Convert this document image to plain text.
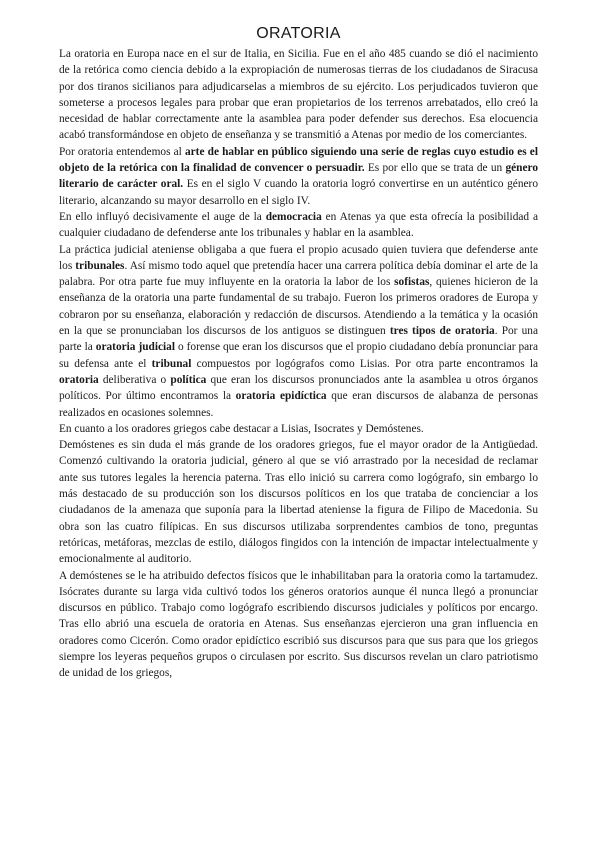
ORATORIA

La oratoria en Europa nace en el sur de Italia, en Sicilia. Fue en el año 485 cuando se dió el nacimiento de la retórica como ciencia debido a la expropiación de numerosas tierras de los ciudadanos de Siracusa por dos tiranos sicilianos para adjudicarselas a miembros de su ejército. Los perjudicados tuvieron que someterse a procesos legales para probar que eran propietarios de los terrenos arrebatados, ello creó la necesidad de hablar correctamente ante la asamblea para poder defender sus derechos. Esa elocuencia acabó transformándose en objeto de enseñanza y se transmitió a Atenas por medio de los comerciantes.

Por oratoria entendemos al arte de hablar en público siguiendo una serie de reglas cuyo estudio es el objeto de la retórica con la finalidad de convencer o persuadir. Es por ello que se trata de un género literario de carácter oral. Es en el siglo V cuando la oratoria logró convertirse en un auténtico género literario, alcanzando su mayor desarrollo en el siglo IV.

En ello influyó decisivamente el auge de la democracia en Atenas ya que esta ofrecía la posibilidad a cualquier ciudadano de defenderse ante los tribunales y hablar en la asamblea.

La práctica judicial ateniense obligaba a que fuera el propio acusado quien tuviera que defenderse ante los tribunales. Así mismo todo aquel que pretendía hacer una carrera política debía dominar el arte de la palabra. Por otra parte fue muy influyente en la oratoria la labor de los sofistas, quienes hicieron de la enseñanza de la oratoria una parte fundamental de su trabajo. Fueron los primeros oradores de Europa y cobraron por su enseñanza, elaboración y redacción de discursos. Atendiendo a la temática y la ocasión en la que se pronunciaban los discursos de los antiguos se distinguen tres tipos de oratoria. Por una parte la oratoria judicial o forense que eran los discursos que el propio ciudadano debía pronunciar para su defensa ante el tribunal compuestos por logógrafos como Lisias. Por otra parte encontramos la oratoria deliberativa o política que eran los discursos pronunciados ante la asamblea u otros órganos políticos. Por último encontramos la oratoria epidíctica que eran discursos de alabanza de personas realizados en ocasiones solemnes.

En cuanto a los oradores griegos cabe destacar a Lisias, Isocrates y Demóstenes.

Demóstenes es sin duda el más grande de los oradores griegos, fue el mayor orador de la Antigüedad. Comenzó cultivando la oratoria judicial, género al que se vió arrastrado por la necesidad de reclamar ante sus tutores legales la herencia paterna. Tras ello inició su carrera como logógrafo, sin embargo lo más destacado de su producción son los discursos políticos en los que trataba de concienciar a los ciudadanos de la amenaza que suponía para la libertad ateniense la figura de Filipo de Macedonia. Su obra son las cuatro filípicas. En sus discursos utilizaba sorprendentes cambios de tono, preguntas retóricas, metáforas, mezclas de estilo, diálogos fingidos con la intención de impactar intelectualmente y emocionalmente al auditorio.

A demóstenes se le ha atribuido defectos físicos que le inhabilitaban para la oratoria como la tartamudez. Isócrates durante su larga vida cultivó todos los géneros oratorios aunque él nunca llegó a pronunciar discursos en público. Trabajo como logógrafo escribiendo discursos judiciales y políticos por encargo. Tras ello abrió una escuela de oratoria en Atenas. Sus enseñanzas ejercieron una gran influencia en oradores como Cicerón. Como orador epidíctico escribió sus discursos para que sus para que los griegos siempre los leyeras pequeños grupos o circulasen por escrito. Sus discursos revelan un claro patriotismo de unidad de los griegos,
